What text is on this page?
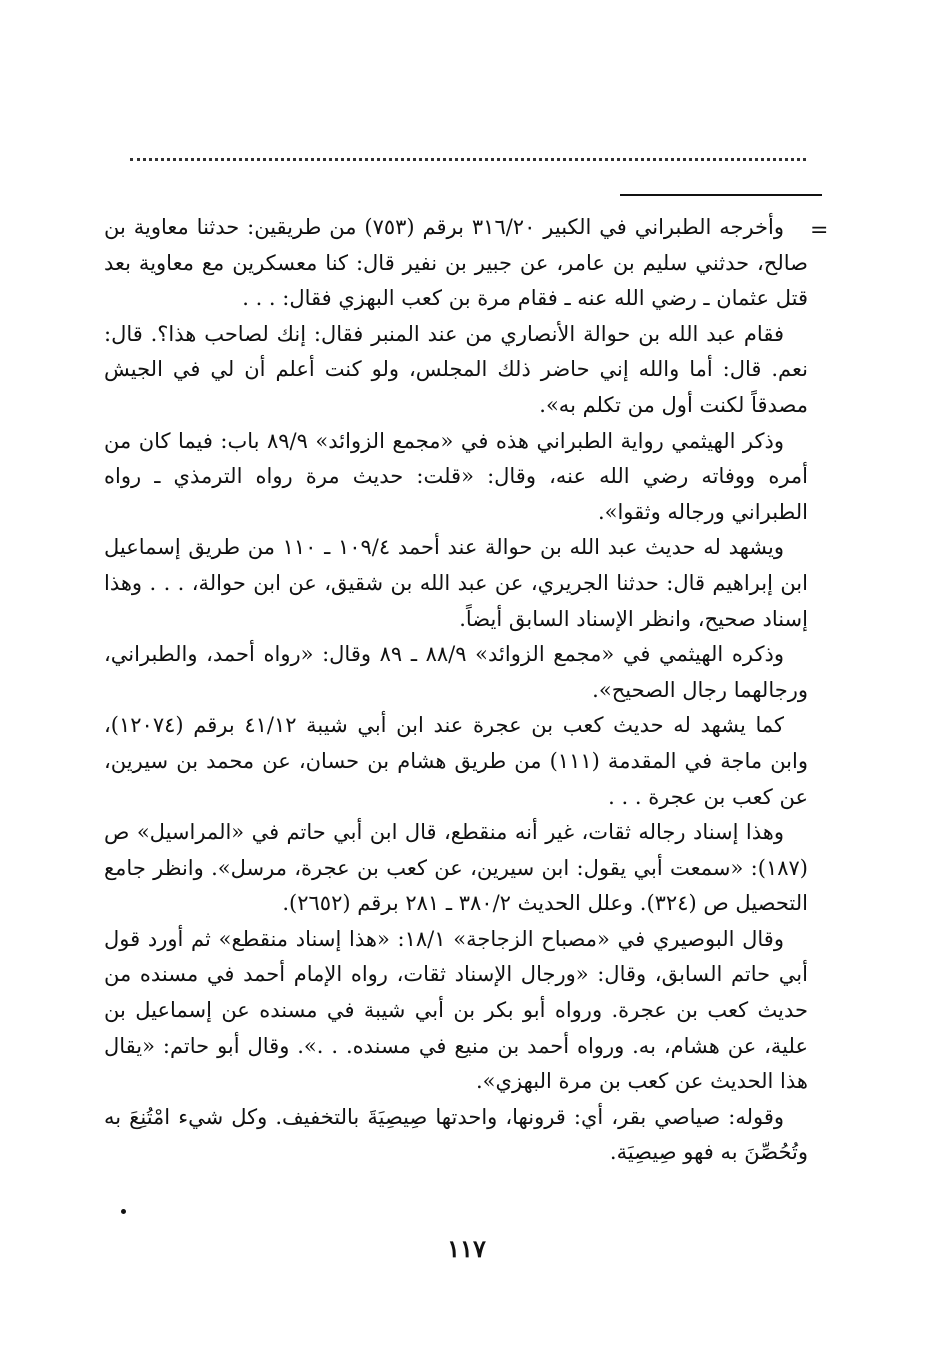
=

وأخرجه الطبراني في الكبير ٣١٦/٢٠ برقم (٧٥٣) من طريقين: حدثنا معاوية بن صالح، حدثني سليم بن عامر، عن جبير بن نفير قال: كنا معسكرين مع معاوية بعد قتل عثمان ـ رضي الله عنه ـ فقام مرة بن كعب البهزي فقال: . . .

فقام عبد الله بن حوالة الأنصاري من عند المنبر فقال: إنك لصاحب هذا؟. قال: نعم. قال: أما والله إني حاضر ذلك المجلس، ولو كنت أعلم أن لي في الجيش مصدقاً لكنت أول من تكلم به».

وذكر الهيثمي رواية الطبراني هذه في «مجمع الزوائد» ٨٩/٩ باب: فيما كان من أمره ووفاته رضي الله عنه، وقال: «قلت: حديث مرة رواه الترمذي ـ رواه الطبراني ورجاله وثقوا».

ويشهد له حديث عبد الله بن حوالة عند أحمد ١٠٩/٤ ـ ١١٠ من طريق إسماعيل ابن إبراهيم قال: حدثنا الجريري، عن عبد الله بن شقيق، عن ابن حوالة، . . . وهذا إسناد صحيح، وانظر الإسناد السابق أيضاً.

وذكره الهيثمي في «مجمع الزوائد» ٨٨/٩ ـ ٨٩ وقال: «رواه أحمد، والطبراني، ورجالهما رجال الصحيح».

كما يشهد له حديث كعب بن عجرة عند ابن أبي شيبة ٤١/١٢ برقم (١٢٠٧٤)، وابن ماجة في المقدمة (١١١) من طريق هشام بن حسان، عن محمد بن سيرين، عن كعب بن عجرة . . .

وهذا إسناد رجاله ثقات، غير أنه منقطع، قال ابن أبي حاتم في «المراسيل» ص (١٨٧): «سمعت أبي يقول: ابن سيرين، عن كعب بن عجرة، مرسل». وانظر جامع التحصيل ص (٣٢٤). وعلل الحديث ٣٨٠/٢ ـ ٢٨١ برقم (٢٦٥٢).

وقال البوصيري في «مصباح الزجاجة» ١٨/١: «هذا إسناد منقطع» ثم أورد قول أبي حاتم السابق، وقال: «ورجال الإسناد ثقات، رواه الإمام أحمد في مسنده من حديث كعب بن عجرة. ورواه أبو بكر بن أبي شيبة في مسنده عن إسماعيل بن علية، عن هشام، به. ورواه أحمد بن منيع في مسنده. . .». وقال أبو حاتم: «يقال هذا الحديث عن كعب بن مرة البهزي».

وقوله: صياصي بقر، أي: قرونها، واحدتها صِيصِيَةَ بالتخفيف. وكل شيء امْتُنِعَ به وتُحُصِّنَ به فهو صِيصِيَة.

١١٧
